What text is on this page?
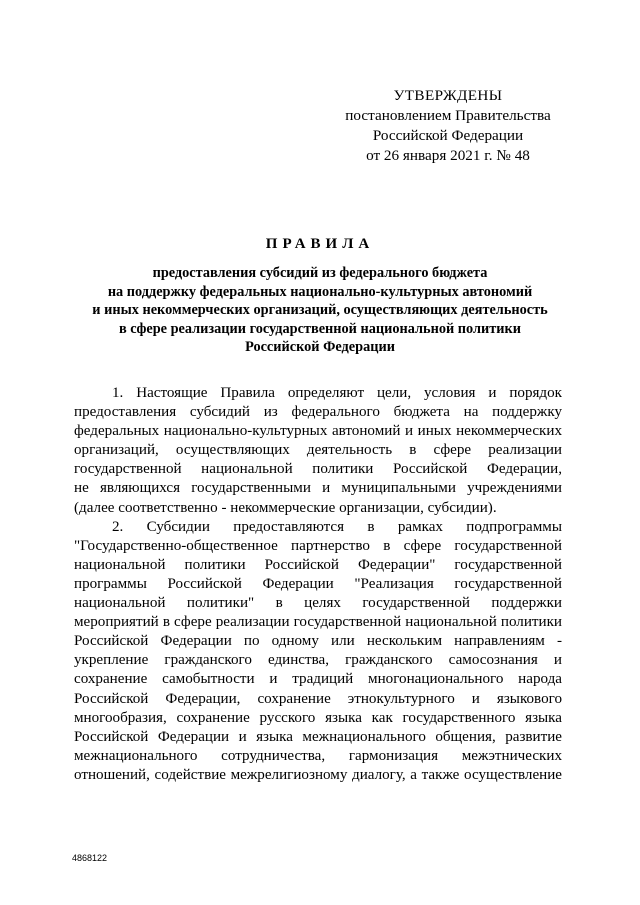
УТВЕРЖДЕНЫ
постановлением Правительства
Российской Федерации
от 26 января 2021 г. № 48
ПРАВИЛА
предоставления субсидий из федерального бюджета
на поддержку федеральных национально-культурных автономий
и иных некоммерческих организаций, осуществляющих деятельность
в сфере реализации государственной национальной политики
Российской Федерации
1. Настоящие Правила определяют цели, условия и порядок
предоставления субсидий из федерального бюджета на поддержку
федеральных национально-культурных автономий и иных некоммерческих
организаций, осуществляющих деятельность в сфере реализации
государственной национальной политики Российской Федерации,
не являющихся государственными и муниципальными учреждениями
(далее соответственно - некоммерческие организации, субсидии).
2. Субсидии предоставляются в рамках подпрограммы
"Государственно-общественное партнерство в сфере государственной
национальной политики Российской Федерации" государственной
программы Российской Федерации "Реализация государственной
национальной политики" в целях государственной поддержки
мероприятий в сфере реализации государственной национальной политики
Российской Федерации по одному или нескольким направлениям -
укрепление гражданского единства, гражданского самосознания и
сохранение самобытности и традиций многонационального народа
Российской Федерации, сохранение этнокультурного и языкового
многообразия, сохранение русского языка как государственного языка
Российской Федерации и языка межнационального общения, развитие
межнационального сотрудничества, гармонизация межэтнических
отношений, содействие межрелигиозному диалогу, а также осуществление
4868122
